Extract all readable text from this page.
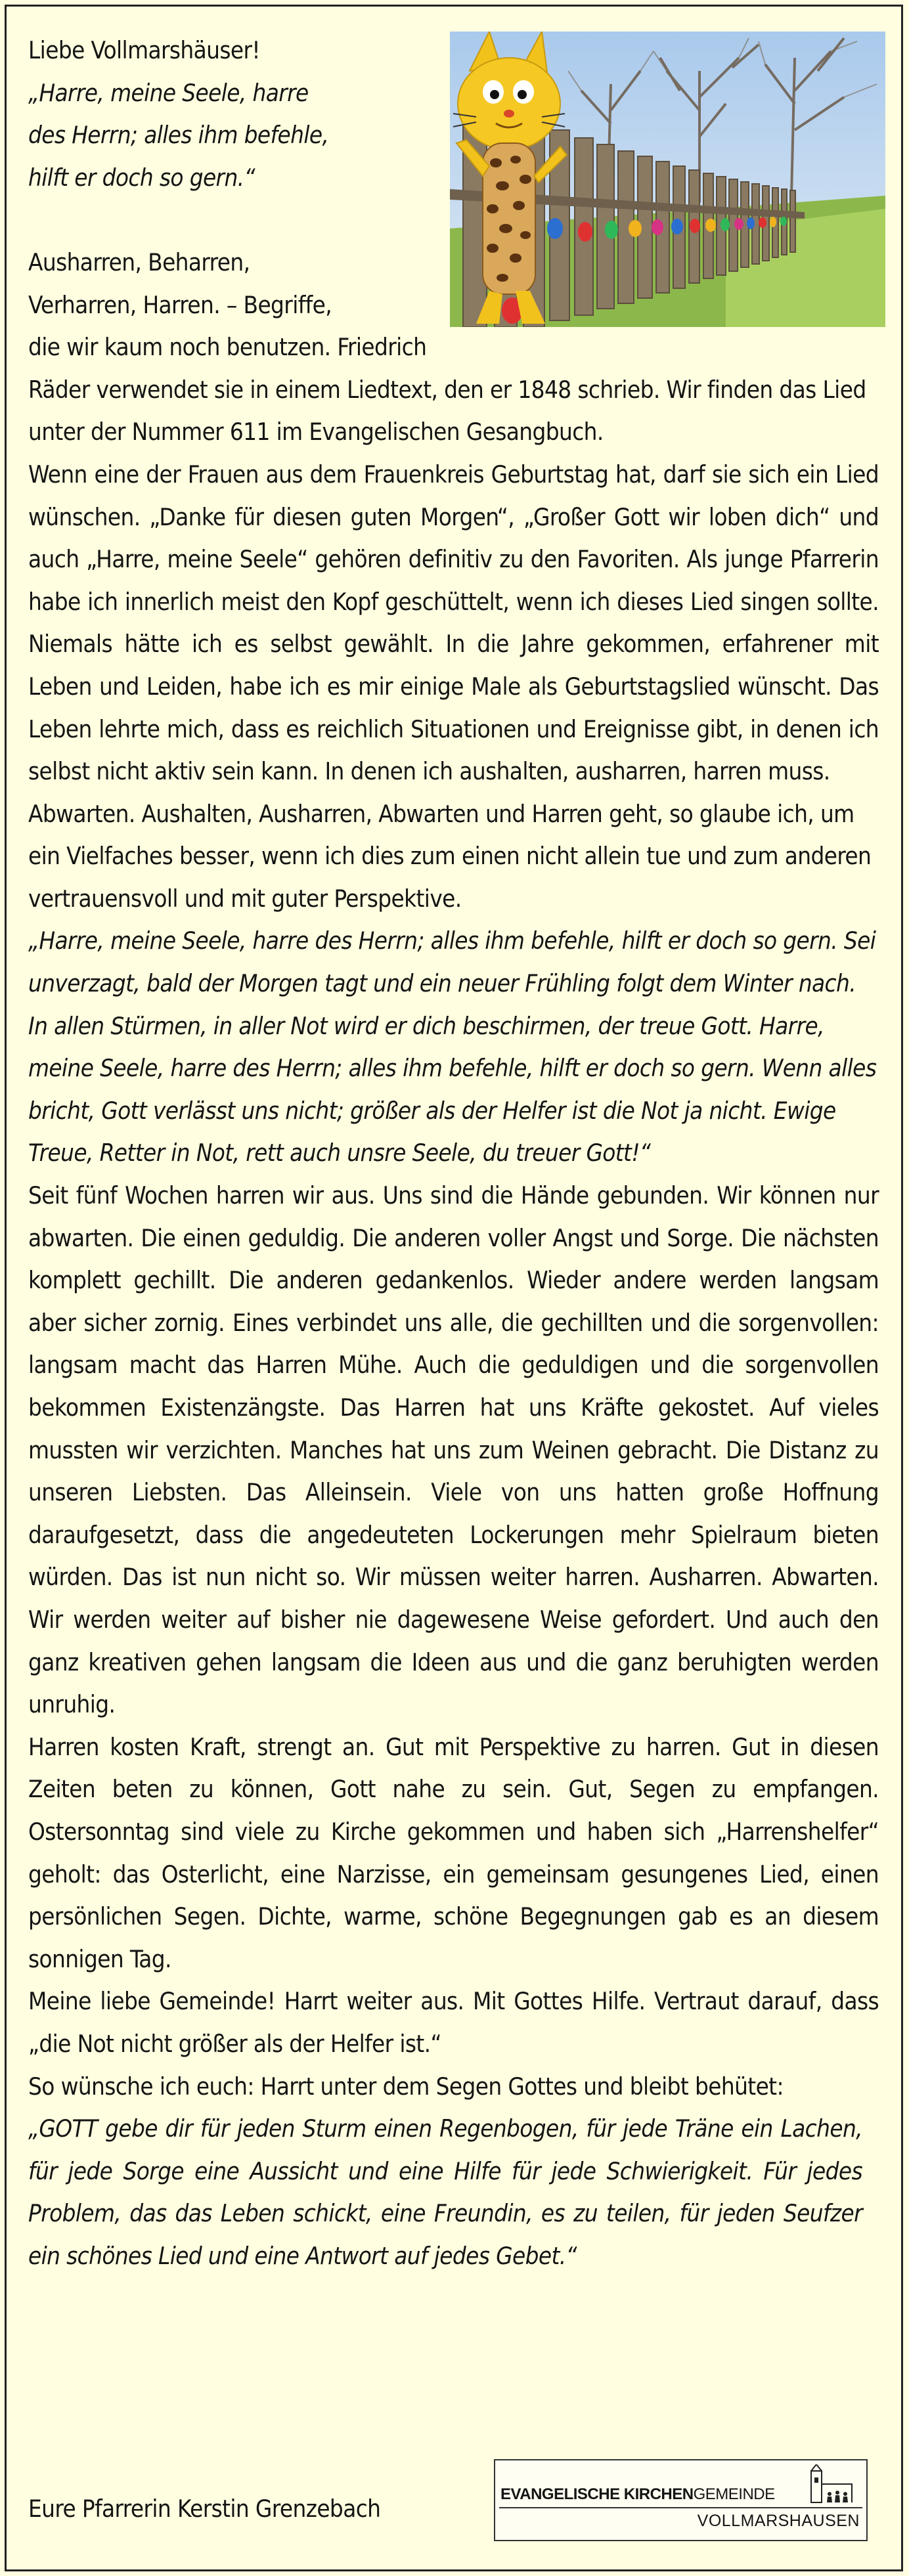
Liebe Vollmarshäuser!

„Harre, meine Seele, harre

des Herrn; alles ihm befehle,

hilft er doch so gern.“

Ausharren, Beharren,

Verharren, Harren. – Begriffe,

die wir kaum noch benutzen. Friedrich Räder verwendet sie in einem Liedtext, den er 1848 schrieb. Wir finden das Lied unter der Nummer 611 im Evangelischen Gesangbuch.

Wenn eine der Frauen aus dem Frauenkreis Geburtstag hat, darf sie sich ein Lied wünschen. „Danke für diesen guten Morgen“, „Großer Gott wir loben dich“ und auch „Harre, meine Seele“ gehören definitiv zu den Favoriten. Als junge Pfarrerin habe ich innerlich meist den Kopf geschüttelt, wenn ich dieses Lied singen sollte. Niemals hätte ich es selbst gewählt. In die Jahre gekommen, erfahrener mit Leben und Leiden, habe ich es mir einige Male als Geburtstagslied wünscht. Das Leben lehrte mich, dass es reichlich Situationen und Ereignisse gibt, in denen ich selbst nicht aktiv sein kann. In denen ich aushalten, ausharren, harren muss.

Abwarten. Aushalten, Ausharren, Abwarten und Harren geht, so glaube ich, um ein Vielfaches besser, wenn ich dies zum einen nicht allein tue und zum anderen vertrauensvoll und mit guter Perspektive.

„Harre, meine Seele, harre des Herrn; alles ihm befehle, hilft er doch so gern. Sei unverzagt, bald der Morgen tagt und ein neuer Frühling folgt dem Winter nach. In allen Stürmen, in aller Not wird er dich beschirmen, der treue Gott. Harre, meine Seele, harre des Herrn; alles ihm befehle, hilft er doch so gern. Wenn alles bricht, Gott verlässt uns nicht; größer als der Helfer ist die Not ja nicht. Ewige Treue, Retter in Not, rett auch unsre Seele, du treuer Gott!“

Seit fünf Wochen harren wir aus. Uns sind die Hände gebunden. Wir können nur abwarten. Die einen geduldig. Die anderen voller Angst und Sorge. Die nächsten komplett gechillt. Die anderen gedankenlos. Wieder andere werden langsam aber sicher zornig. Eines verbindet uns alle, die gechillten und die sorgenvollen: langsam macht das Harren Mühe. Auch die geduldigen und die sorgenvollen bekommen Existenzängste. Das Harren hat uns Kräfte gekostet. Auf vieles mussten wir verzichten. Manches hat uns zum Weinen gebracht. Die Distanz zu unseren Liebsten. Das Alleinsein. Viele von uns hatten große Hoffnung daraufgesetzt, dass die angedeuteten Lockerungen mehr Spielraum bieten würden. Das ist nun nicht so. Wir müssen weiter harren. Ausharren. Abwarten. Wir werden weiter auf bisher nie dagewesene Weise gefordert. Und auch den ganz kreativen gehen langsam die Ideen aus und die ganz beruhigten werden unruhig.

Harren kosten Kraft, strengt an. Gut mit Perspektive zu harren. Gut in diesen Zeiten beten zu können, Gott nahe zu sein. Gut, Segen zu empfangen. Ostersonntag sind viele zu Kirche gekommen und haben sich „Harrenshelfer“ geholt: das Osterlicht, eine Narzisse, ein gemeinsam gesungenes Lied, einen persönlichen Segen. Dichte, warme, schöne Begegnungen gab es an diesem sonnigen Tag.

Meine liebe Gemeinde! Harrt weiter aus. Mit Gottes Hilfe. Vertraut darauf, dass „die Not nicht größer als der Helfer ist.“

So wünsche ich euch: Harrt unter dem Segen Gottes und bleibt behütet:

„GOTT gebe dir für jeden Sturm einen Regenbogen, für jede Träne ein Lachen, für jede Sorge eine Aussicht und eine Hilfe für jede Schwierigkeit. Für jedes Problem, das das Leben schickt, eine Freundin, es zu teilen, für jeden Seufzer ein schönes Lied und eine Antwort auf jedes Gebet.“

Eure Pfarrerin Kerstin Grenzebach
EVANGELISCHE KIRCHENGEMEINDE
VOLLMARSHAUSEN
